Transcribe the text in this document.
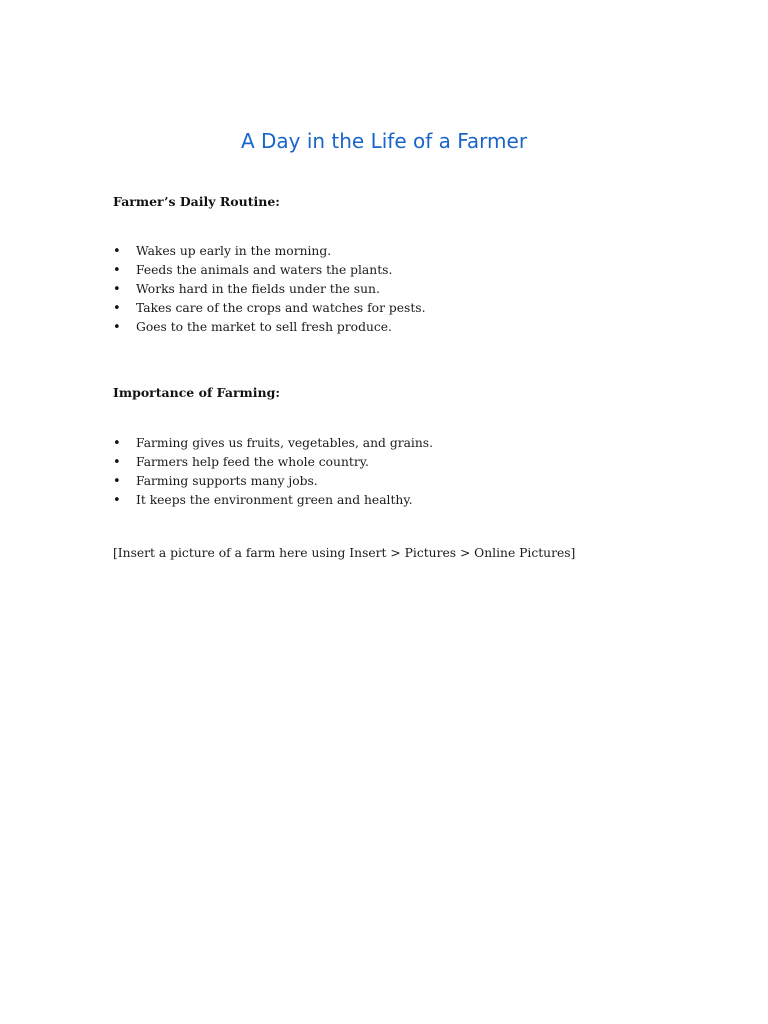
A Day in the Life of a Farmer

Farmer’s Daily Routine:

• Wakes up early in the morning.
• Feeds the animals and waters the plants.
• Works hard in the fields under the sun.
• Takes care of the crops and watches for pests.
• Goes to the market to sell fresh produce.

Importance of Farming:

• Farming gives us fruits, vegetables, and grains.
• Farmers help feed the whole country.
• Farming supports many jobs.
• It keeps the environment green and healthy.

[Insert a picture of a farm here using Insert > Pictures > Online Pictures]
